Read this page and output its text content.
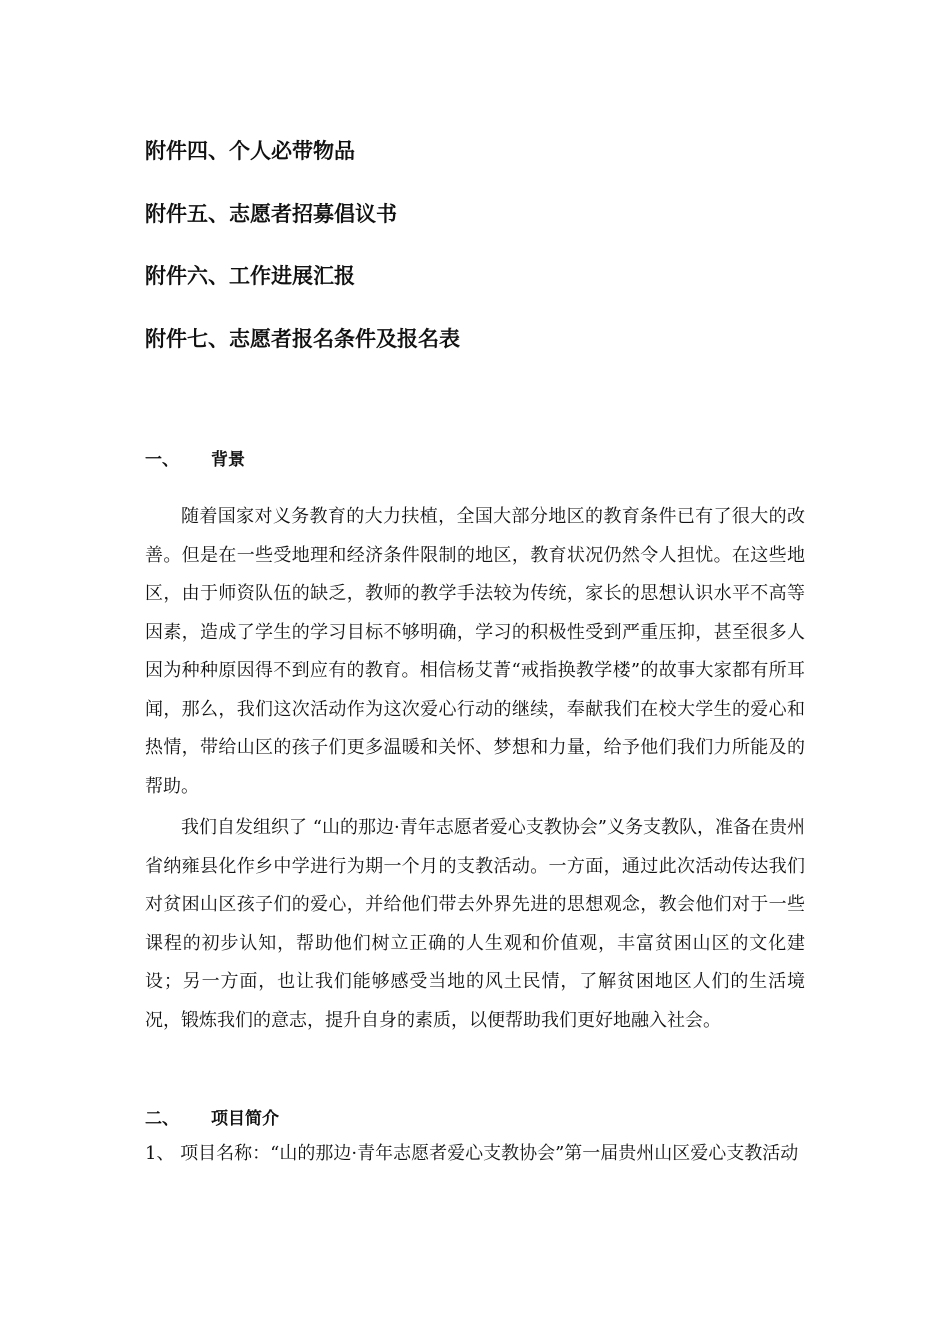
附件四、个人必带物品
附件五、志愿者招募倡议书
附件六、工作进展汇报
附件七、志愿者报名条件及报名表
一、 背景
随着国家对义务教育的大力扶植，全国大部分地区的教育条件已有了很大的改善。但是在一些受地理和经济条件限制的地区，教育状况仍然令人担忧。在这些地区，由于师资队伍的缺乏，教师的教学手法较为传统，家长的思想认识水平不高等因素，造成了学生的学习目标不够明确，学习的积极性受到严重压抑，甚至很多人因为种种原因得不到应有的教育。相信杨艾菁“戒指换教学楼”的故事大家都有所耳闻，那么，我们这次活动作为这次爱心行动的继续，奉献我们在校大学生的爱心和热情，带给山区的孩子们更多温暖和关怀、梦想和力量，给予他们我们力所能及的帮助。
我们自发组织了 “山的那边·青年志愿者爱心支教协会”义务支教队，准备在贵州省纳雍县化作乡中学进行为期一个月的支教活动。一方面，通过此次活动传达我们对贫困山区孩子们的爱心，并给他们带去外界先进的思想观念，教会他们对于一些课程的初步认知，帮助他们树立正确的人生观和价值观，丰富贫困山区的文化建设；另一方面，也让我们能够感受当地的风土民情，了解贫困地区人们的生活境况，锻炼我们的意志，提升自身的素质，以便帮助我们更好地融入社会。
二、 项目简介
1、 项目名称：“山的那边·青年志愿者爱心支教协会”第一届贵州山区爱心支教活动
